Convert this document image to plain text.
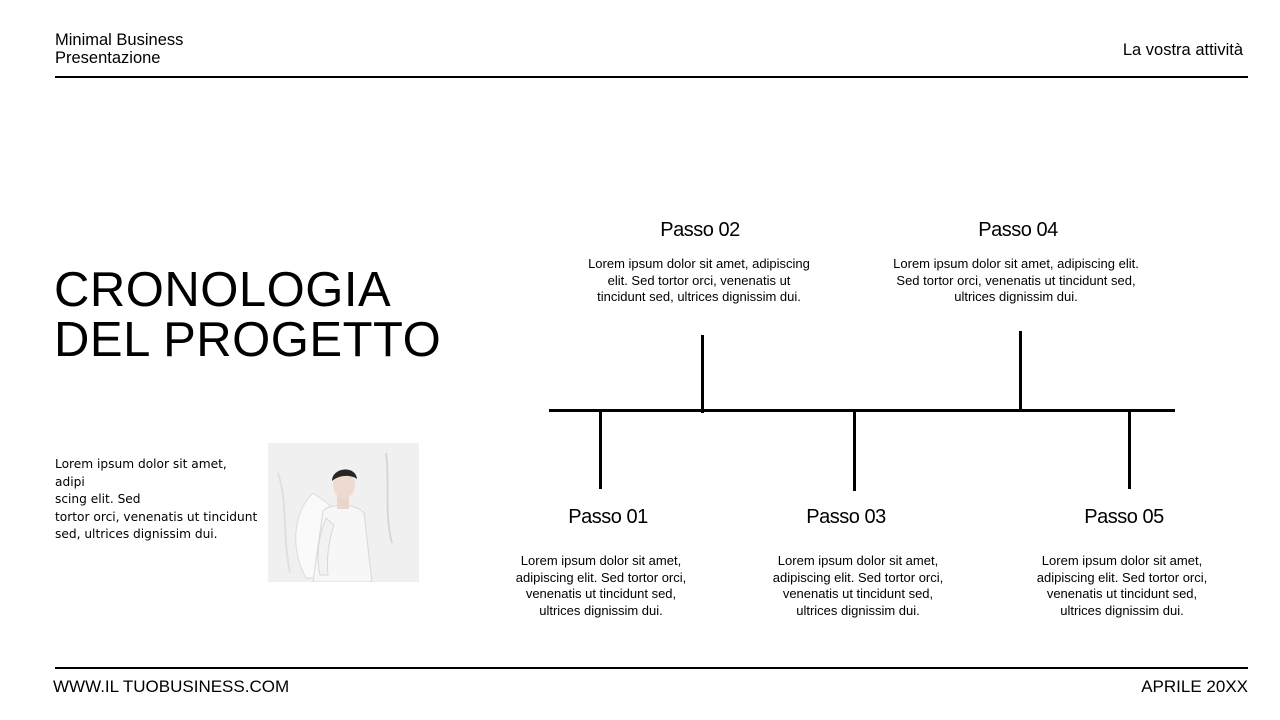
Minimal Business
Presentazione	La vostra attività
CRONOLOGIA
DEL PROGETTO
Lorem ipsum dolor sit amet, adipi
scing elit. Sed
tortor orci, venenatis ut tincidunt
sed, ultrices dignissim dui.
Passo 01
Lorem ipsum dolor sit amet,
adipiscing elit. Sed tortor orci,
venenatis ut tincidunt sed,
ultrices dignissim dui.
Passo 02
Lorem ipsum dolor sit amet, adipiscing
elit. Sed tortor orci, venenatis ut
tincidunt sed, ultrices dignissim dui.
Passo 03
Lorem ipsum dolor sit amet,
adipiscing elit. Sed tortor orci,
venenatis ut tincidunt sed,
ultrices dignissim dui.
Passo 04
Lorem ipsum dolor sit amet, adipiscing elit.
Sed tortor orci, venenatis ut tincidunt sed,
ultrices dignissim dui.
Passo 05
Lorem ipsum dolor sit amet,
adipiscing elit. Sed tortor orci,
venenatis ut tincidunt sed,
ultrices dignissim dui.
WWW.IL TUOBUSINESS.COM	APRILE 20XX
